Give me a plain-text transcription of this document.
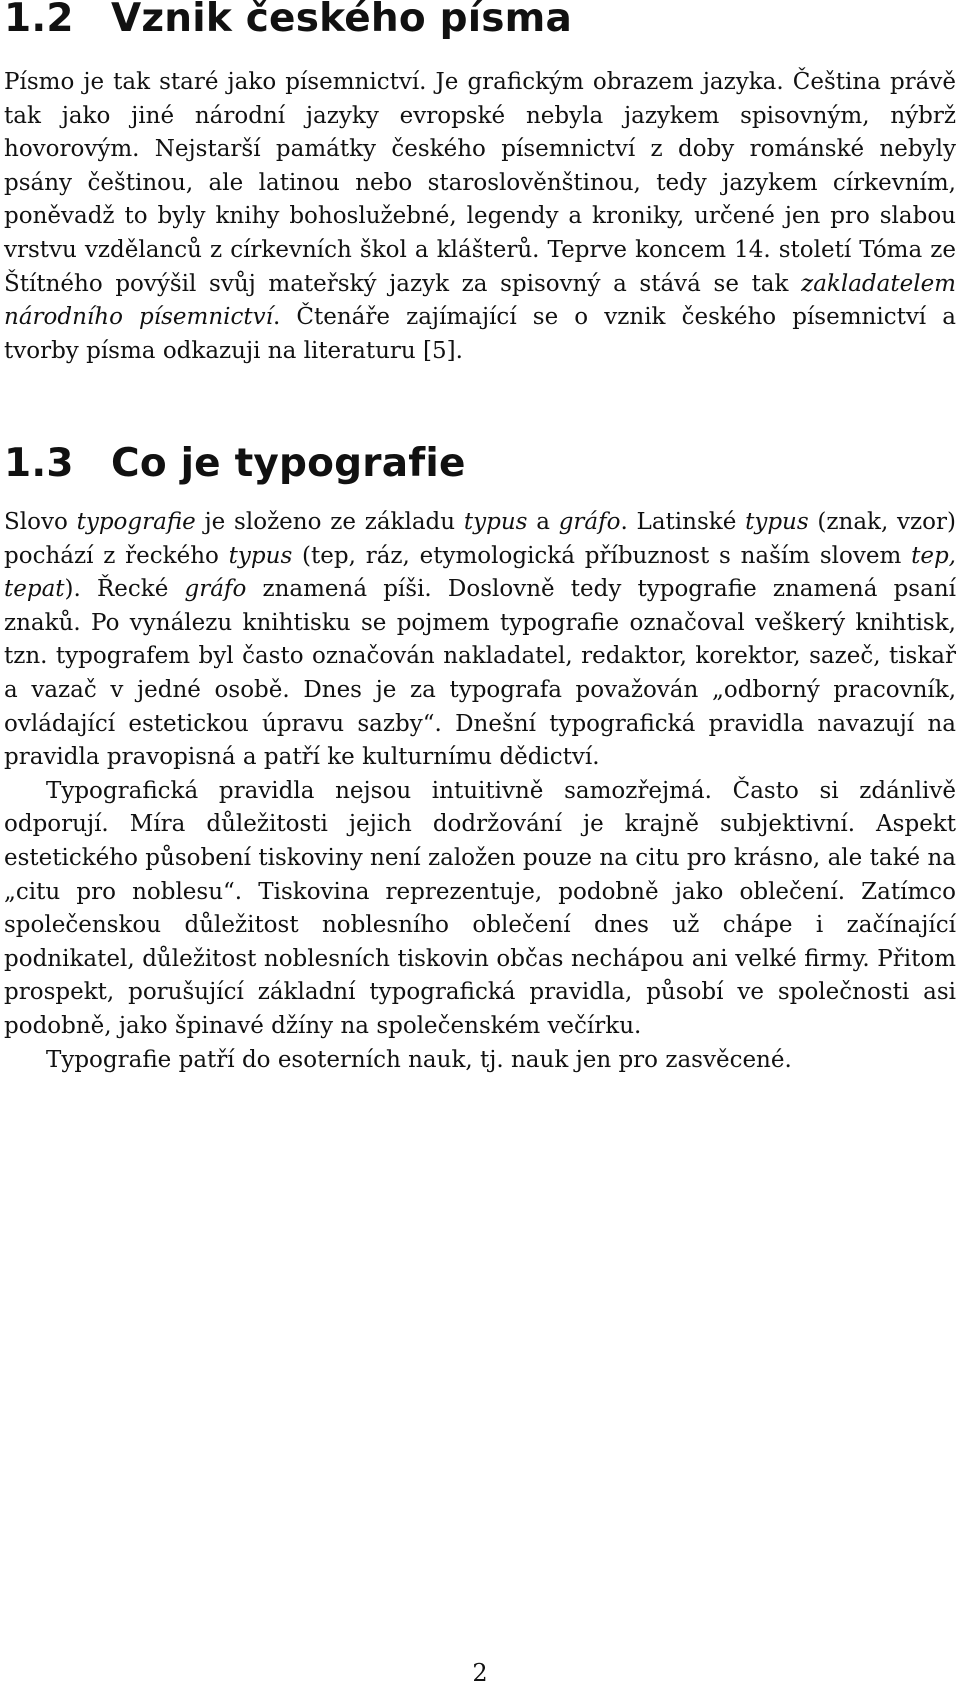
1.2 Vznik českého písma

Písmo je tak staré jako písemnictví. Je grafickým obrazem jazyka. Čeština právě tak jako jiné národní jazyky evropské nebyla jazykem spisovným, nýbrž hovorovým. Nejstarší památky českého písemnictví z doby románské nebyly psány češtinou, ale latinou nebo staroslověnštinou, tedy jazykem církevním, poněvadž to byly knihy bohoslužebné, legendy a kroniky, určené jen pro slabou vrstvu vzdělanců z církevních škol a klášterů. Teprve koncem 14. století Tóma ze Štítného povýšil svůj mateřský jazyk za spisovný a stává se tak zakladatelem národního písemnictví. Čtenáře zajímající se o vznik českého písemnictví a tvorby písma odkazuji na literaturu [5].

1.3 Co je typografie

Slovo typografie je složeno ze základu typus a gráfo. Latinské typus (znak, vzor) pochází z řeckého typus (tep, ráz, etymologická příbuznost s naším slovem tep, tepat). Řecké gráfo znamená píši. Doslovně tedy typografie znamená psaní znaků. Po vynálezu knihtisku se pojmem typografie označoval veškerý knihtisk, tzn. typografem byl často označován nakladatel, redaktor, korektor, sazeč, tiskař a vazač v jedné osobě. Dnes je za typografa považován „odborný pracovník, ovládající estetickou úpravu sazby“. Dnešní typografická pravidla navazují na pravidla pravopisná a patří ke kulturnímu dědictví.

Typografická pravidla nejsou intuitivně samozřejmá. Často si zdánlivě odporují. Míra důležitosti jejich dodržování je krajně subjektivní. Aspekt estetického působení tiskoviny není založen pouze na citu pro krásno, ale také na „citu pro noblesu“. Tiskovina reprezentuje, podobně jako oblečení. Zatímco společenskou důležitost noblesního oblečení dnes už chápe i začínající podnikatel, důležitost noblesních tiskovin občas nechápou ani velké firmy. Přitom prospekt, porušující základní typografická pravidla, působí ve společnosti asi podobně, jako špinavé džíny na společenském večírku.

Typografie patří do esoterních nauk, tj. nauk jen pro zasvěcené.

2
